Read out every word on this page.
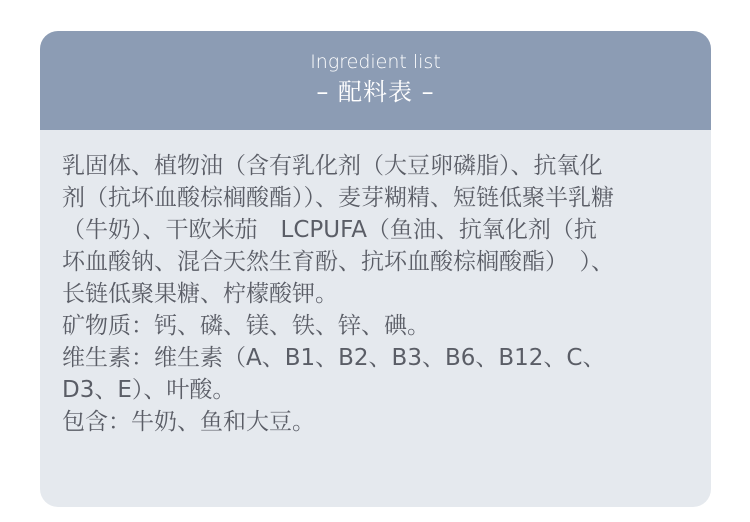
Ingredient list
– 配料表 –
乳固体、植物油（含有乳化剂（大豆卵磷脂）、抗氧化
剂（抗坏血酸棕榈酸酯））、麦芽糊精、短链低聚半乳糖
（牛奶）、干欧米茄　LCPUFA（鱼油、抗氧化剂（抗
坏血酸钠、混合天然生育酚、抗坏血酸棕榈酸酯）　）、
长链低聚果糖、柠檬酸钾。
矿物质：钙、磷、镁、铁、锌、碘。
维生素：维生素（A、B1、B2、B3、B6、B12、C、
D3、E）、叶酸。
包含：牛奶、鱼和大豆。
